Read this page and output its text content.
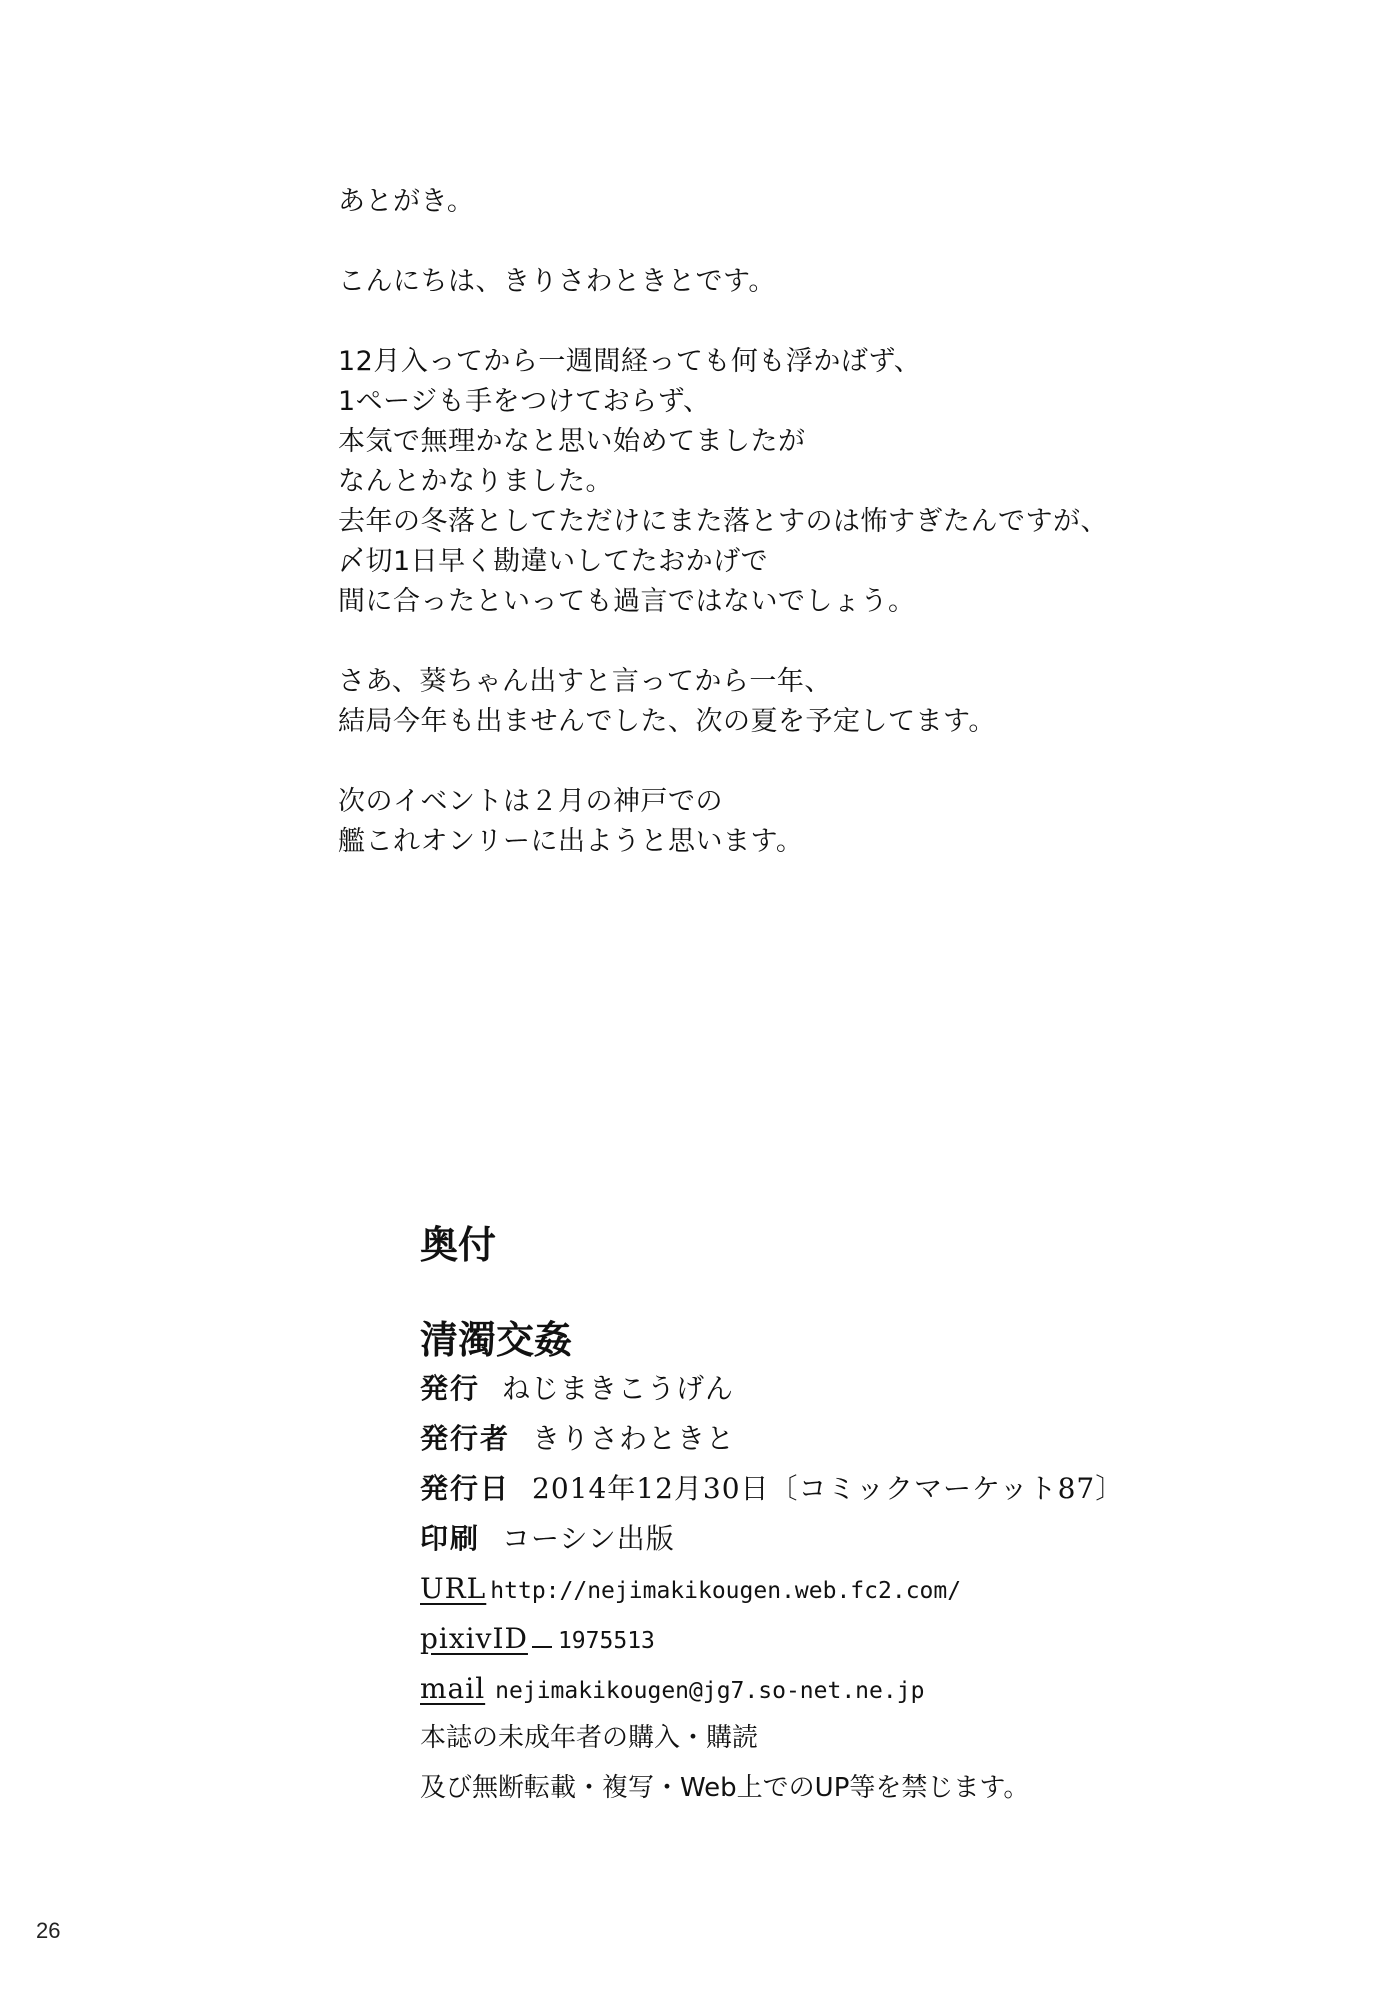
あとがき。
こんにちは、きりさわときとです。
12月入ってから一週間経っても何も浮かばず、
1ページも手をつけておらず、
本気で無理かなと思い始めてましたが
なんとかなりました。
去年の冬落としてただけにまた落とすのは怖すぎたんですが、
〆切1日早く勘違いしてたおかげで
間に合ったといっても過言ではないでしょう。
さあ、葵ちゃん出すと言ってから一年、
結局今年も出ませんでした、次の夏を予定してます。
次のイベントは２月の神戸での
艦これオンリーに出ようと思います。
奥付
清濁交姦
発行 ねじまきこうげん
発行者 きりさわときと
発行日 2014年12月30日〔コミックマーケット87〕
印刷 コーシン出版
URL http://nejimakikougen.web.fc2.com/
pixivID 1975513
mail nejimakikougen@jg7.so-net.ne.jp
本誌の未成年者の購入・購読
及び無断転載・複写・Web上でのUP等を禁じます。
26
